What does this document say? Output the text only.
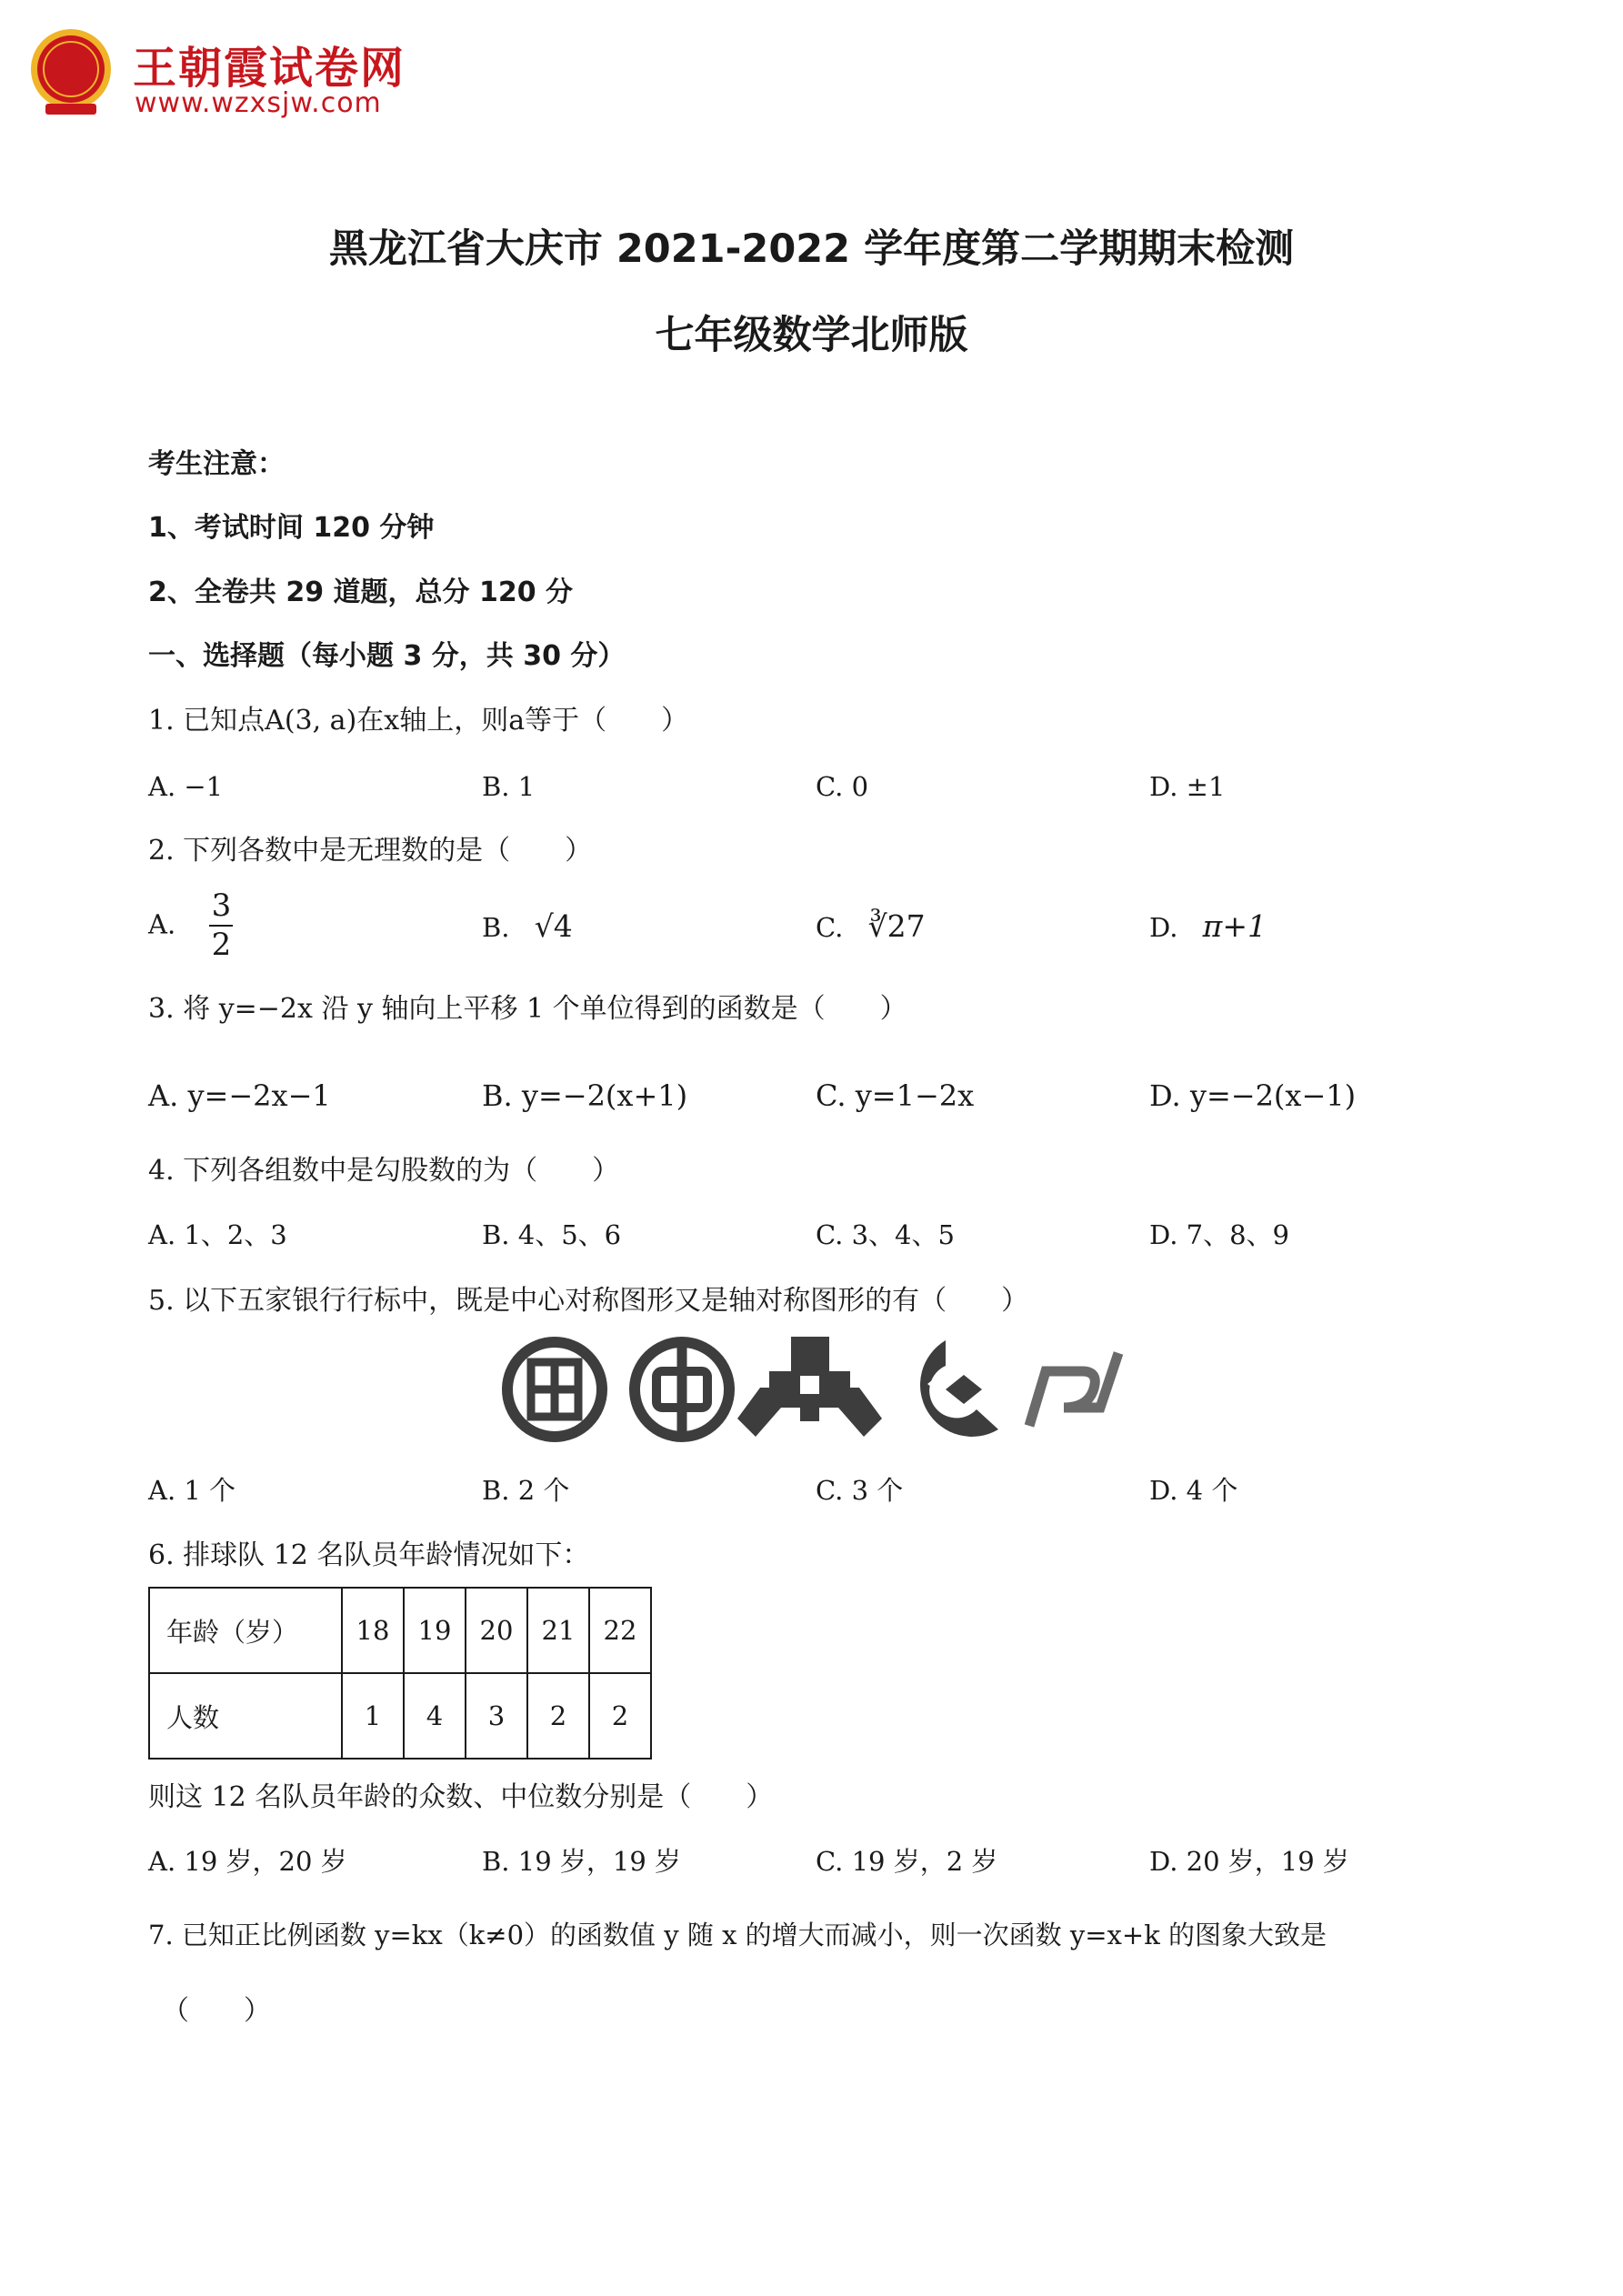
王朝霞试卷网
www.wzxsjw.com
黑龙江省大庆市 2021-2022 学年度第二学期期末检测
七年级数学北师版
考生注意：
1、考试时间 120 分钟
2、全卷共 29 道题，总分 120 分
一、选择题（每小题 3 分，共 30 分）
1. 已知点A(3, a)在x轴上，则a等于（　　）
A. −1	B. 1	C. 0	D. ±1
2. 下列各数中是无理数的是（　　）
A. $\frac{3}{2}$	B. √4	C. ∛27	D. π+1
3. 将 y=−2x 沿 y 轴向上平移 1 个单位得到的函数是（　　）
A. y=−2x−1	B. y=−2(x+1)	C. y=1−2x	D. y=−2(x−1)
4. 下列各组数中是勾股数的为（　　）
A. 1、2、3	B. 4、5、6	C. 3、4、5	D. 7、8、9
5. 以下五家银行行标中，既是中心对称图形又是轴对称图形的有（　　）
A. 1 个	B. 2 个	C. 3 个	D. 4 个
6. 排球队 12 名队员年龄情况如下：
年龄（岁）	18	19	20	21	22
人数	1	4	3	2	2
则这 12 名队员年龄的众数、中位数分别是（　　）
A. 19 岁，20 岁	B. 19 岁，19 岁	C. 19 岁，2 岁	D. 20 岁，19 岁
7. 已知正比例函数 y=kx（k≠0）的函数值 y 随 x 的增大而减小，则一次函数 y=x+k 的图象大致是
（　　）
